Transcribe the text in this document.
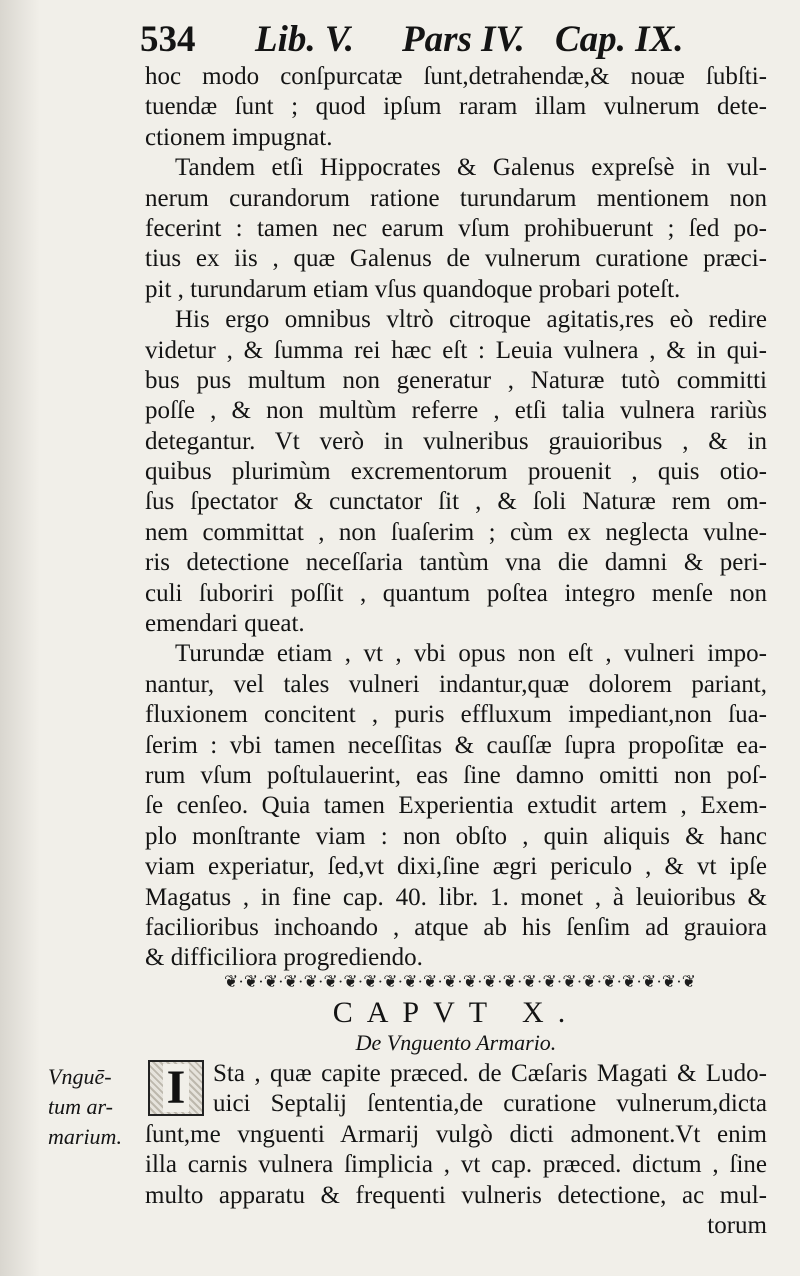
534 Lib. V. Pars IV. Cap. IX.
hoc modo conſpurcatæ ſunt,detrahendæ,& nouæ ſubſti-
tuendæ ſunt ; quod ipſum raram illam vulnerum dete-
ctionem impugnat.
Tandem etſi Hippocrates & Galenus expreſsè in vul-
nerum curandorum ratione turundarum mentionem non
fecerint : tamen nec earum vſum prohibuerunt ; ſed po-
tius ex iis , quæ Galenus de vulnerum curatione præci-
pit , turundarum etiam vſus quandoque probari poteſt.
His ergo omnibus vltrò citroque agitatis,res eò redire
videtur , & ſumma rei hæc eſt : Leuia vulnera , & in qui-
bus pus multum non generatur , Naturæ tutò committi
poſſe , & non multùm referre , etſi talia vulnera rariùs
detegantur. Vt verò in vulneribus grauioribus , & in
quibus plurimùm excrementorum prouenit , quis otio-
ſus ſpectator & cunctator ſit , & ſoli Naturæ rem om-
nem committat , non ſuaſerim ; cùm ex neglecta vulne-
ris detectione neceſſaria tantùm vna die damni & peri-
culi ſuboriri poſſit , quantum poſtea integro menſe non
emendari queat.
Turundæ etiam , vt , vbi opus non eſt , vulneri impo-
nantur, vel tales vulneri indantur,quæ dolorem pariant,
fluxionem concitent , puris effluxum impediant,non ſua-
ſerim : vbi tamen neceſſitas & cauſſæ ſupra propoſitæ ea-
rum vſum poſtulauerint, eas ſine damno omitti non poſ-
ſe cenſeo. Quia tamen Experientia extudit artem , Exem-
plo monſtrante viam : non obſto , quin aliquis & hanc
viam experiatur, ſed,vt dixi,ſine ægri periculo , & vt ipſe
Magatus , in fine cap. 40. libr. 1. monet , à leuioribus &
facilioribus inchoando , atque ab his ſenſim ad grauiora
& difficiliora progrediendo.
❦·❦·❦·❦·❦·❦·❦·❦·❦·❦·❦·❦·❦·❦·❦·❦·❦·❦·❦·❦·❦·❦·❦·❦
CAPVT X.
De Vnguento Armario.
Vnguē-
tum ar-
marium.
I Sta , quæ capite præced. de Cæſaris Magati & Ludo-
uici Septalij ſententia,de curatione vulnerum,dicta
ſunt,me vnguenti Armarij vulgò dicti admonent.Vt enim
illa carnis vulnera ſimplicia , vt cap. præced. dictum , ſine
multo apparatu & frequenti vulneris detectione, ac mul-
torum
